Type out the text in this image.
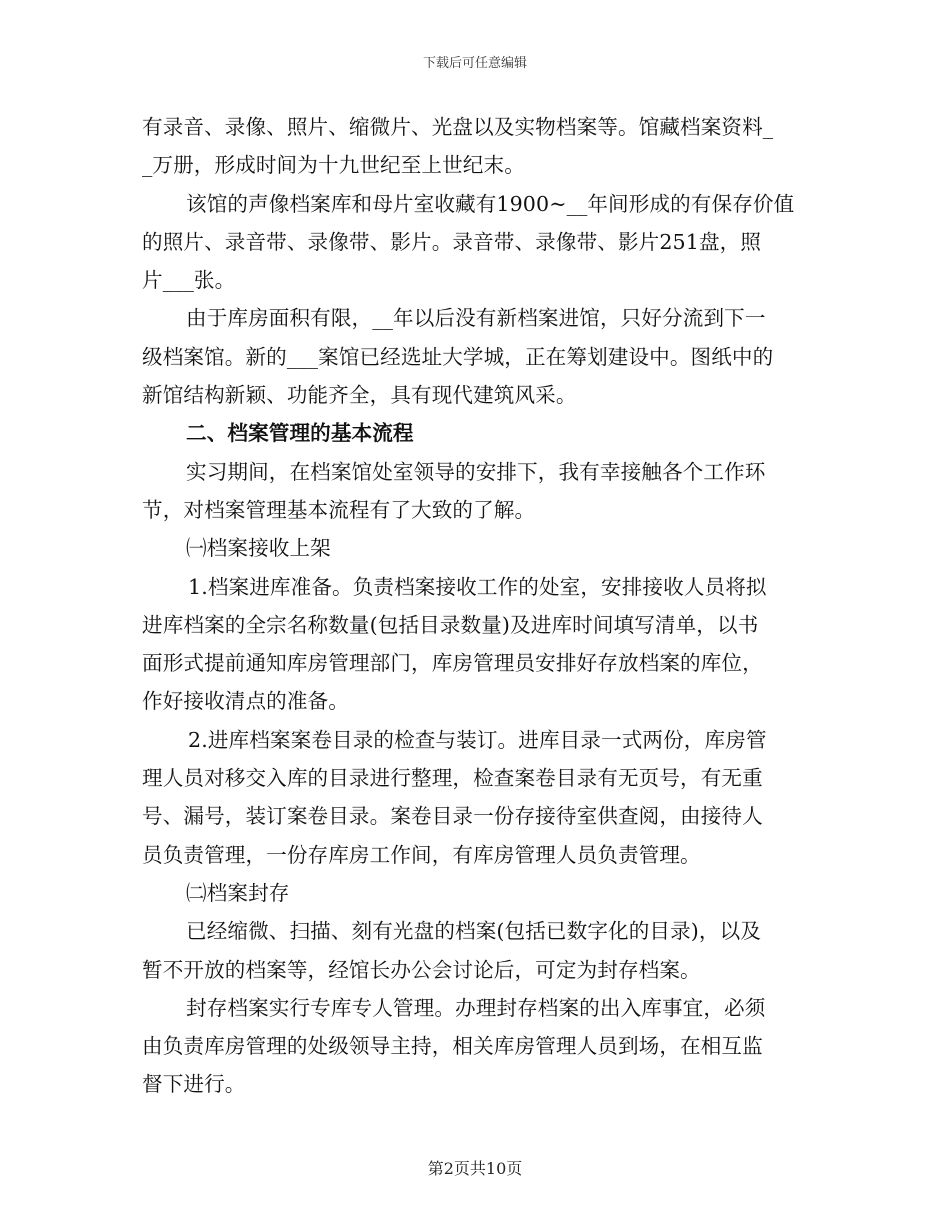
下载后可任意编辑
有录音、录像、照片、缩微片、光盘以及实物档案等。馆藏档案资料_
_万册，形成时间为十九世纪至上世纪末。
该馆的声像档案库和母片室收藏有1900~__年间形成的有保存价值
的照片、录音带、录像带、影片。录音带、录像带、影片251盘，照
片___张。
由于库房面积有限，__年以后没有新档案进馆，只好分流到下一
级档案馆。新的___案馆已经选址大学城，正在筹划建设中。图纸中的
新馆结构新颖、功能齐全，具有现代建筑风采。
二、档案管理的基本流程
实习期间，在档案馆处室领导的安排下，我有幸接触各个工作环
节，对档案管理基本流程有了大致的了解。
㈠档案接收上架
1.档案进库准备。负责档案接收工作的处室，安排接收人员将拟
进库档案的全宗名称数量(包括目录数量)及进库时间填写清单，以书
面形式提前通知库房管理部门，库房管理员安排好存放档案的库位，
作好接收清点的准备。
2.进库档案案卷目录的检查与装订。进库目录一式两份，库房管
理人员对移交入库的目录进行整理，检查案卷目录有无页号，有无重
号、漏号，装订案卷目录。案卷目录一份存接待室供查阅，由接待人
员负责管理，一份存库房工作间，有库房管理人员负责管理。
㈡档案封存
已经缩微、扫描、刻有光盘的档案(包括已数字化的目录)，以及
暂不开放的档案等，经馆长办公会讨论后，可定为封存档案。
封存档案实行专库专人管理。办理封存档案的出入库事宜，必须
由负责库房管理的处级领导主持，相关库房管理人员到场，在相互监
督下进行。
第2页共10页
